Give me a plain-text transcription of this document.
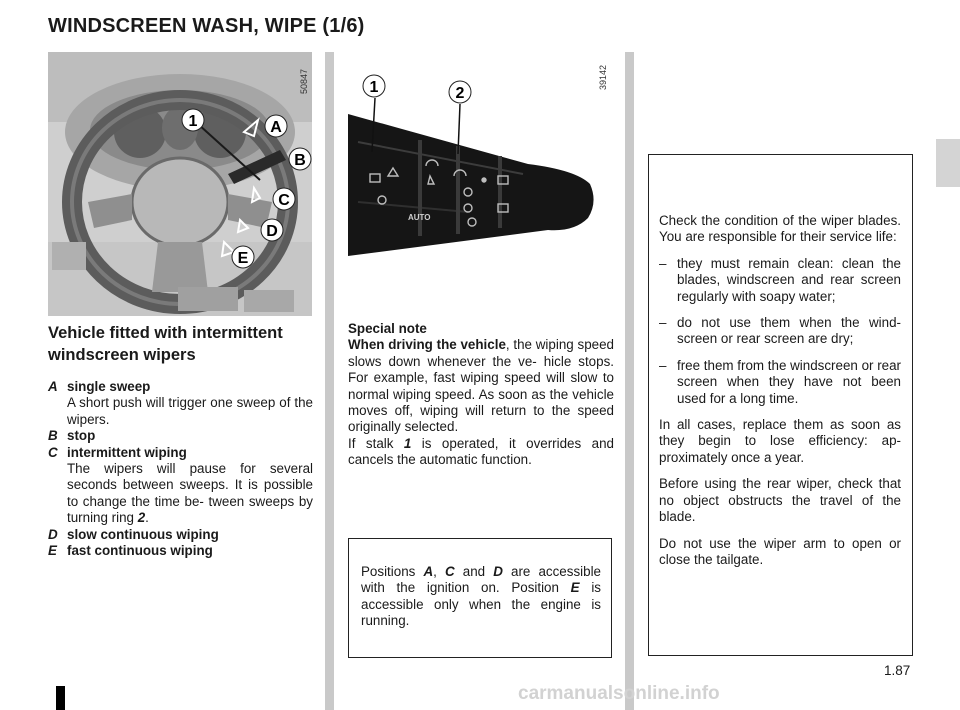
WINDSCREEN WASH, WIPE (1/6)
1	A
B
C
D
E
50847
AUTO
1	2
39142
Vehicle fitted with intermittent windscreen wipers
A single sweep
A short push will trigger one sweep of the wipers.
B stop
C intermittent wiping
The wipers will pause for several seconds between sweeps. It is possible to change the time be- tween sweeps by turning ring 2.
D slow continuous wiping
E fast continuous wiping
Special note
When driving the vehicle, the wiping speed slows down whenever the ve- hicle stops. For example, fast wiping speed will slow to normal wiping speed. As soon as the vehicle moves off, wiping will return to the speed originally selected.
If stalk 1 is operated, it overrides and cancels the automatic function.
Positions A, C and D are accessible with the ignition on. Position E is accessible only when the engine is running.

Check the condition of the wiper blades. You are responsible for their service life:

– they must remain clean: clean the blades, windscreen and rear screen regularly with soapy water;
– do not use them when the wind- screen or rear screen are dry;
– free them from the windscreen or rear screen when they have not been used for a long time.

In all cases, replace them as soon as they begin to lose efficiency: ap- proximately once a year.

Before using the rear wiper, check that no object obstructs the travel of the blade.

Do not use the wiper arm to open or close the tailgate.

1.87
carmanualsonline.info
